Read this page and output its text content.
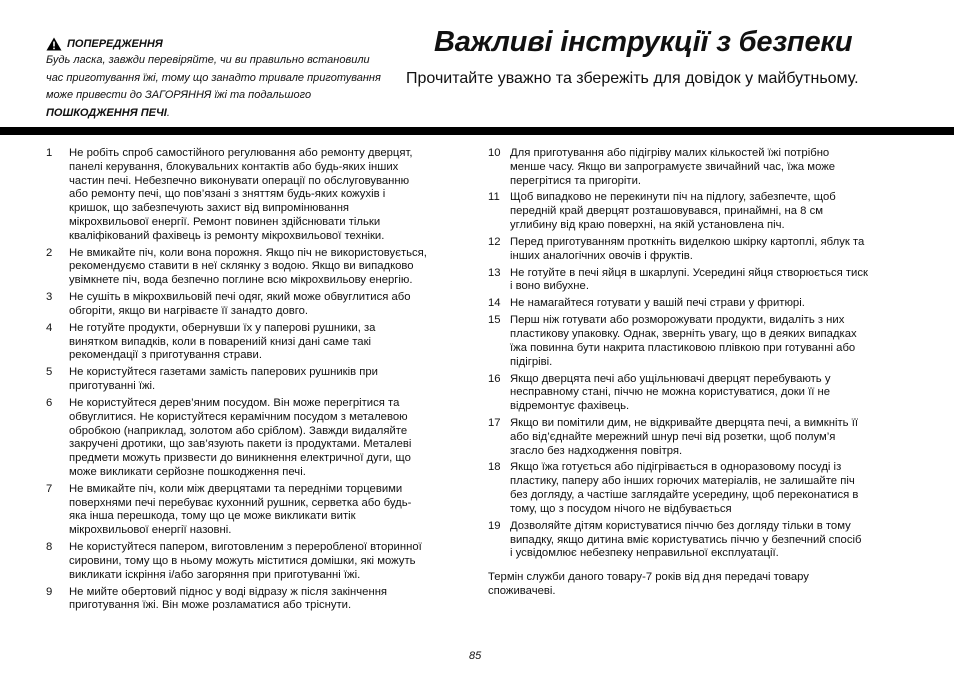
ПОПЕРЕДЖЕННЯ
Будь ласка, завжди перевіряйте, чи ви правильно встановили
час приготування їжі, тому що занадто тривале приготування
може привести до ЗАГОРЯННЯ їжі та подальшого
ПОШКОДЖЕННЯ ПЕЧІ.
Важливі інструкції з безпеки
Прочитайте уважно та збережіть для довідок у майбутньому.
1	Не робіть спроб самостійного регулювання або ремонту дверцят,
панелі керування, блокувальних контактів або будь-яких інших
частин печі. Небезпечно виконувати операції по обслуговуванню
або ремонту печі, що пов’язані з зняттям будь-яких кожухів і
кришок, що забезпечують захист від випромінювання
мікрохвильової енергії. Ремонт повинен здійснювати тільки
кваліфікований фахівець із ремонту мікрохвильової техніки.
2	Не вмикайте піч, коли вона порожня. Якщо піч не використовується,
рекомендуємо ставити в неї склянку з водою. Якщо ви випадково
увімкнете піч, вода безпечно поглине всю мікрохвильову енергію.
3	Не сушіть в мікрохвильовій печі одяг, який може обвуглитися або
обгоріти, якщо ви нагріваєте її занадто довго.
4	Не готуйте продукти, обернувши їх у паперові рушники, за
винятком випадків, коли в поварениій книзі дані саме такі
рекомендації з приготування страви.
5	Не користуйтеся газетами замість паперових рушників при
приготуванні їжі.
6	Не користуйтеся дерев’яним посудом. Він може перегрітися та
обвуглитися. Не користуйтеся керамічним посудом з металевою
обробкою (наприклад, золотом або сріблом). Завжди видаляйте
закручені дротики, що зав’язують пакети із продуктами. Металеві
предмети можуть призвести до виникнення електричної дуги, що
може викликати серйозне пошкодження печі.
7	Не вмикайте піч, коли між дверцятами та передніми торцевими
поверхнями печі перебуває кухонний рушник, серветка або будь-
яка інша перешкода, тому що це може викликати витік
мікрохвильової енергії назовні.
8	Не користуйтеся папером, виготовленим з переробленої вторинної
сировини, тому що в ньому можуть міститися домішки, які можуть
викликати іскріння і/або загоряння при приготуванні їжі.
9	Не мийте обертовий піднос у воді відразу ж після закінчення
приготування їжі. Він може розламатися або тріснути.
10 Для приготування або підігріву малих кількостей їжі потрібно
менше часу. Якщо ви запрограмуєте звичайний час, їжа може
перегрітися та пригоріти.
11 Щоб випадково не перекинути піч на підлогу, забезпечте, щоб
передній край дверцят розташовувався, принаймні, на 8 см
углибину від краю поверхні, на якій установлена піч.
12 Перед приготуванням проткніть виделкою шкірку картоплі, яблук та
інших аналогічних овочів і фруктів.
13 Не готуйте в печі яйця в шкарлупі. Усередині яйця створюється тиск
і воно вибухне.
14 Не намагайтеся готувати у вашій печі страви у фритюрі.
15 Перш ніж готувати або розморожувати продукти, видаліть з них
пластикову упаковку. Однак, зверніть увагу, що в деяких випадках
їжа повинна бути накрита пластиковою плівкою при готуванні або
підігріві.
16 Якщо дверцята печі або ущільнювачі дверцят перебувають у
несправному стані, піччю не можна користуватися, доки її не
відремонтує фахівець.
17 Якщо ви помітили дим, не відкривайте дверцята печі, а вимкніть її
або від’єднайте мережний шнур печі від розетки, щоб полум’я
згасло без надходження повітря.
18 Якщо їжа готується або підігрівається в одноразовому посуді із
пластику, паперу або інших горючих матеріалів, не залишайте піч
без догляду, а частіше заглядайте усередину, щоб переконатися в
тому, що з посудом нічого не відбувається
19 Дозволяйте дітям користуватися піччю без догляду тільки в тому
випадку, якщо дитина вміє користуватись піччю у безпечний спосіб
і усвідомлює небезпеку неправильної експлуатації.
Термін служби даного товару-7 років від дня передачі товару
споживачеві.
85
